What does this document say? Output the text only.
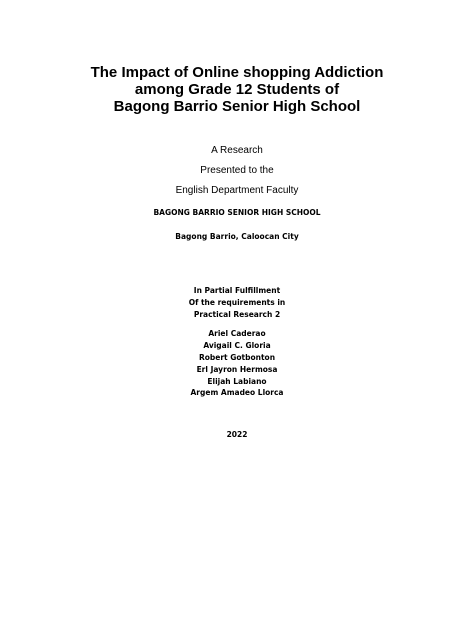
The Impact of Online shopping Addiction
among Grade 12 Students of
Bagong Barrio Senior High School
A Research
Presented to the
English Department Faculty
BAGONG BARRIO SENIOR HIGH SCHOOL
Bagong Barrio, Caloocan City
In Partial Fulfillment
Of the requirements in
Practical Research 2
Ariel Caderao
Avigail C. Gloria
Robert Gotbonton
Erl Jayron Hermosa
Elijah Labiano
Argem Amadeo Llorca
2022
